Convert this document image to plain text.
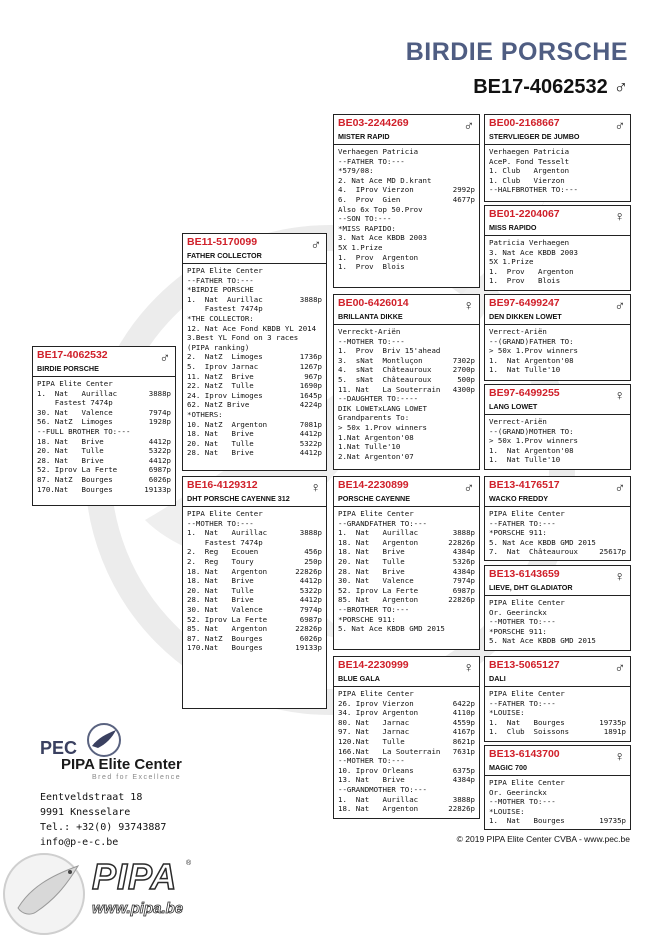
BIRDIE PORSCHE
BE17-4062532 ♂
BE17-4062532
BIRDIE PORSCHE
♂
PIPA Elite Center
1.  Nat   Aurillac	3888p
Fastest 7474p
30. Nat   Valence	7974p
56. NatZ  Limoges	1928p
--FULL BROTHER TO:---
18. Nat   Brive	4412p
20. Nat   Tulle	5322p
28. Nat   Brive	4412p
52. Iprov La Ferte	6987p
87. NatZ  Bourges	6026p
170.Nat   Bourges	19133p
BE11-5170099
FATHER COLLECTOR
♂
PIPA Elite Center
--FATHER TO:---
*BIRDIE PORSCHE
1.  Nat  Aurillac	3888p
Fastest 7474p
*THE COLLECTOR:
12. Nat Ace Fond KBDB YL 2014
3.Best YL Fond on 3 races
(PIPA ranking)
2.  NatZ  Limoges	1736p
5.  Iprov Jarnac	1267p
11. NatZ  Brive	967p
22. NatZ  Tulle	1690p
24. Iprov Limoges	1645p
62. NatZ Brive	4224p
*OTHERS:
10. NatZ  Argenton	7081p
18. Nat   Brive	4412p
20. Nat   Tulle	5322p
28. Nat   Brive	4412p
BE16-4129312
DHT PORSCHE CAYENNE 312
♀
PIPA Elite Center
--MOTHER TO:---
1.  Nat   Aurillac	3888p
Fastest 7474p
2.  Reg   Ecouen	456p
2.  Reg   Toury	250p
18. Nat   Argenton	22826p
18. Nat   Brive	4412p
20. Nat   Tulle	5322p
28. Nat   Brive	4412p
30. Nat   Valence	7974p
52. Iprov La Ferte	6987p
85. Nat   Argenton	22826p
87. NatZ  Bourges	6026p
170.Nat   Bourges	19133p
BE03-2244269
MISTER RAPID
♂
Verhaegen Patricia
--FATHER TO:---
*579/08:
2. Nat Ace MD D.krant
4.  IProv Vierzon	2992p
6.  Prov  Gien	4677p
Also 6x Top 50.Prov
--SON TO:---
*MISS RAPIDO:
3. Nat Ace KBDB 2003
5X 1.Prize
1.  Prov  Argenton
1.  Prov  Blois
BE00-6426014
BRILLANTA DIKKE
♀
Verreckt-Ariën
--MOTHER TO:---
1.  Prov  Briv 15'ahead
3.  sNat  Montluçon	7302p
4.  sNat  Châteauroux	2700p
5.  sNat  Châteauroux	500p
11. Nat   La Souterrain	4300p
--DAUGHTER TO:----
DIK LOWETxLANG LOWET
Grandparents To:
> 50x 1.Prov winners
1.Nat Argenton'08
1.Nat Tulle'10
2.Nat Argenton'07
BE14-2230899
PORSCHE CAYENNE
♂
PIPA Elite Center
--GRANDFATHER TO:---
1.  Nat   Aurillac	3888p
18. Nat   Argenton	22826p
18. Nat   Brive	4384p
20. Nat   Tulle	5326p
28. Nat   Brive	4384p
30. Nat   Valence	7974p
52. Iprov La Ferte	6987p
85. Nat   Argenton	22826p
--BROTHER TO:---
*PORSCHE 911:
5. Nat Ace KBDB GMD 2015
BE14-2230999
BLUE GALA
♀
PIPA Elite Center
26. Iprov Vierzon	6422p
34. Iprov Argenton	4110p
80. Nat   Jarnac	4559p
97. Nat   Jarnac	4167p
120.Nat   Tulle	8621p
166.Nat   La Souterrain	7631p
--MOTHER TO:---
10. Iprov Orleans	6375p
13. Nat   Brive	4384p
--GRANDMOTHER TO:---
1.  Nat   Aurillac	3888p
18. Nat   Argenton	22826p
BE00-2168667
STERVLIEGER DE JUMBO
♂
Verhaegen Patricia
AceP. Fond Tesselt
1. Club   Argenton
1. Club   Vierzon
--HALFBROTHER TO:---
BE01-2204067
MISS RAPIDO
♀
Patricia Verhaegen
3. Nat Ace KBDB 2003
5X 1.Prize
1.  Prov   Argenton
1.  Prov   Blois
BE97-6499247
DEN DIKKEN LOWET
♂
Verrect-Ariën
--(GRAND)FATHER TO:
> 50x 1.Prov winners
1.  Nat Argenton'08
1.  Nat Tulle'10
BE97-6499255
LANG LOWET
♀
Verrect-Ariën
--(GRAND)MOTHER TO:
> 50x 1.Prov winners
1.  Nat Argenton'08
1.  Nat Tulle'10
BE13-4176517
WACKO FREDDY
♂
PIPA Elite Center
--FATHER TO:---
*PORSCHE 911:
5. Nat Ace KBDB GMD 2015
7.  Nat  Châteauroux	25617p
BE13-6143659
LIEVE, DHT GLADIATOR
♀
PIPA Elite Center
Or. Geerinckx
--MOTHER TO:---
*PORSCHE 911:
5. Nat Ace KBDB GMD 2015
BE13-5065127
DALI
♂
PIPA Elite Center
--FATHER TO:---
*LOUISE:
1.  Nat   Bourges	19735p
1.  Club  Soissons	1891p
BE13-6143700
MAGIC 700
♀
PIPA Elite Center
Or. Geerinckx
--MOTHER TO:---
*LOUISE:
1.  Nat   Bourges	19735p
PEC
PIPA Elite Center
Bred for Excellence
Eentveldstraat 18
9991 Knesselare
Tel.: +32(0) 93743887
info@p-e-c.be	© 2019 PIPA Elite Center CVBA - www.pec.be
PIPA ®
www.pipa.be
